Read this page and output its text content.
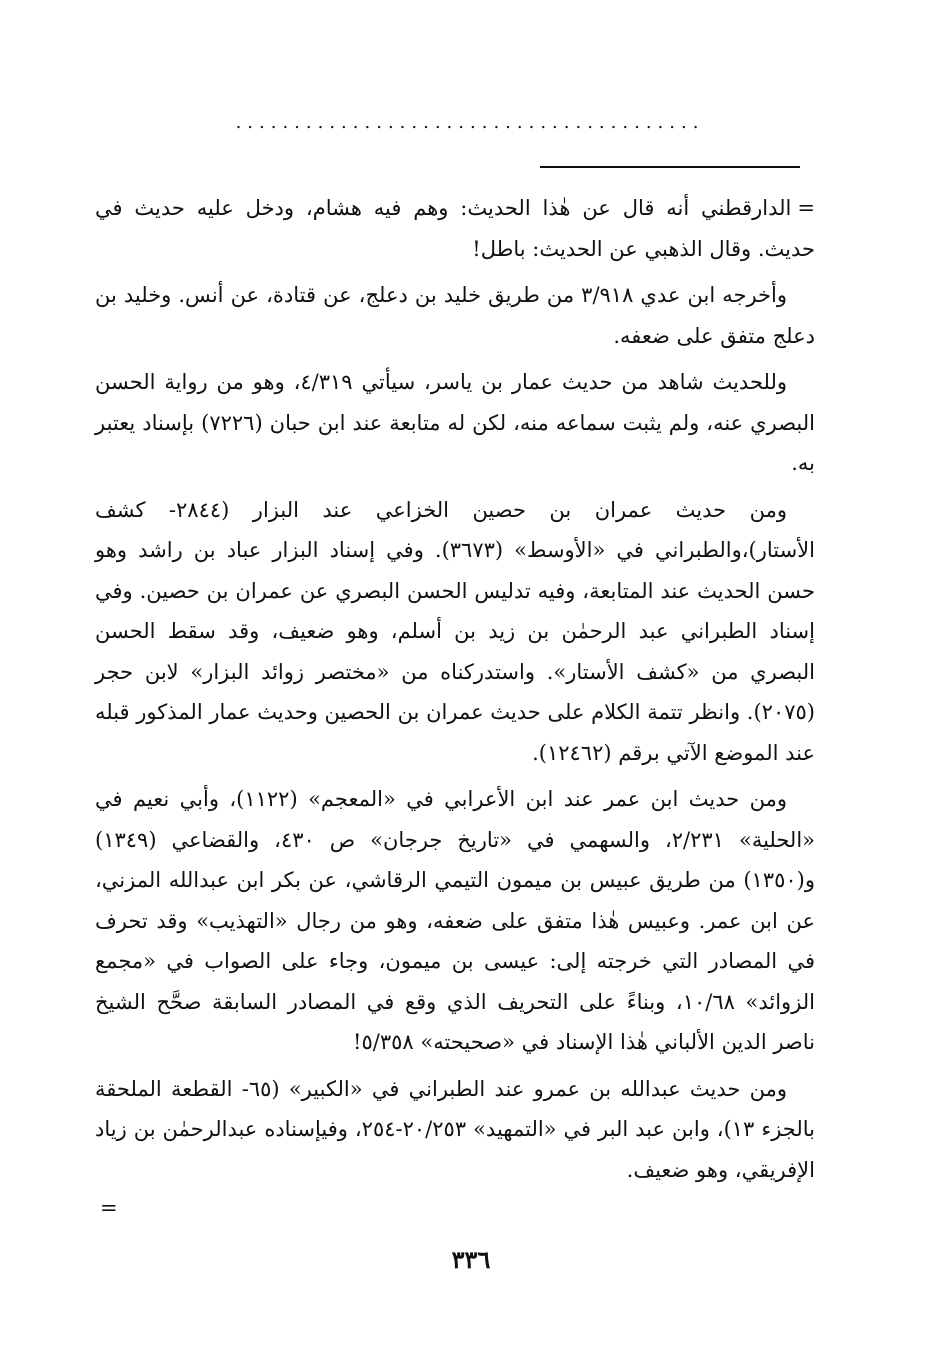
........................................

=الدارقطني أنه قال عن هٰذا الحديث: وهم فيه هشام، ودخل عليه حديث في حديث. وقال الذهبي عن الحديث: باطل!

وأخرجه ابن عدي ٣/٩١٨ من طريق خليد بن دعلج، عن قتادة، عن أنس. وخليد بن دعلج متفق على ضعفه.

وللحديث شاهد من حديث عمار بن ياسر، سيأتي ٤/٣١٩، وهو من رواية الحسن البصري عنه، ولم يثبت سماعه منه، لكن له متابعة عند ابن حبان (٧٢٢٦) بإسناد يعتبر به.

ومن حديث عمران بن حصين الخزاعي عند البزار (٢٨٤٤- كشف الأستار)،والطبراني في «الأوسط» (٣٦٧٣). وفي إسناد البزار عباد بن راشد وهو حسن الحديث عند المتابعة، وفيه تدليس الحسن البصري عن عمران بن حصين. وفي إسناد الطبراني عبد الرحمٰن بن زيد بن أسلم، وهو ضعيف، وقد سقط الحسن البصري من «كشف الأستار». واستدركناه من «مختصر زوائد البزار» لابن حجر (٢٠٧٥). وانظر تتمة الكلام على حديث عمران بن الحصين وحديث عمار المذكور قبله عند الموضع الآتي برقم (١٢٤٦٢).

ومن حديث ابن عمر عند ابن الأعرابي في «المعجم» (١١٢٢)، وأبي نعيم في «الحلية» ٢/٢٣١، والسهمي في «تاريخ جرجان» ص ٤٣٠، والقضاعي (١٣٤٩) و(١٣٥٠) من طريق عبيس بن ميمون التيمي الرقاشي، عن بكر ابن عبدالله المزني، عن ابن عمر. وعبيس هٰذا متفق على ضعفه، وهو من رجال «التهذيب» وقد تحرف في المصادر التي خرجته إلى: عيسى بن ميمون، وجاء على الصواب في «مجمع الزوائد» ١٠/٦٨، وبناءً على التحريف الذي وقع في المصادر السابقة صحَّح الشيخ ناصر الدين الألباني هٰذا الإسناد في «صحيحته» ٥/٣٥٨!

ومن حديث عبدالله بن عمرو عند الطبراني في «الكبير» (٦٥- القطعة الملحقة بالجزء ١٣)، وابن عبد البر في «التمهيد» ٢٠/٢٥٣-٢٥٤، وفيإسناده عبدالرحمٰن بن زياد الإفريقي، وهو ضعيف.

=
٣٣٦
